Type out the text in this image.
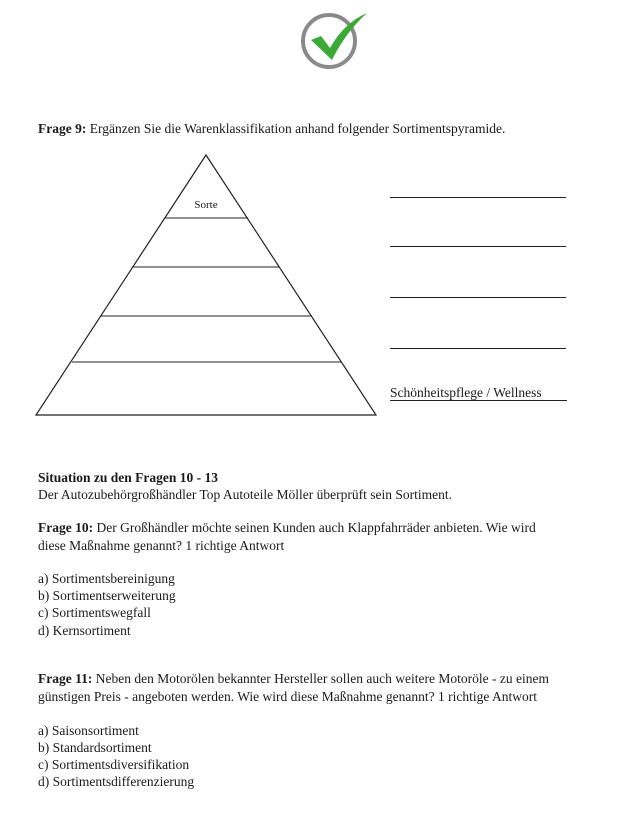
Frage 9: Ergänzen Sie die Warenklassifikation anhand folgender Sortimentspyramide.
Sorte
Schönheitspflege / Wellness
Situation zu den Fragen 10 - 13
Der Autozubehörgroßhändler Top Autoteile Möller überprüft sein Sortiment.
Frage 10: Der Großhändler möchte seinen Kunden auch Klappfahrräder anbieten. Wie wird
diese Maßnahme genannt? 1 richtige Antwort
a) Sortimentsbereinigung
b) Sortimentserweiterung
c) Sortimentswegfall
d) Kernsortiment
Frage 11: Neben den Motorölen bekannter Hersteller sollen auch weitere Motoröle - zu einem
günstigen Preis - angeboten werden. Wie wird diese Maßnahme genannt? 1 richtige Antwort
a) Saisonsortiment
b) Standardsortiment
c) Sortimentsdiversifikation
d) Sortimentsdifferenzierung
